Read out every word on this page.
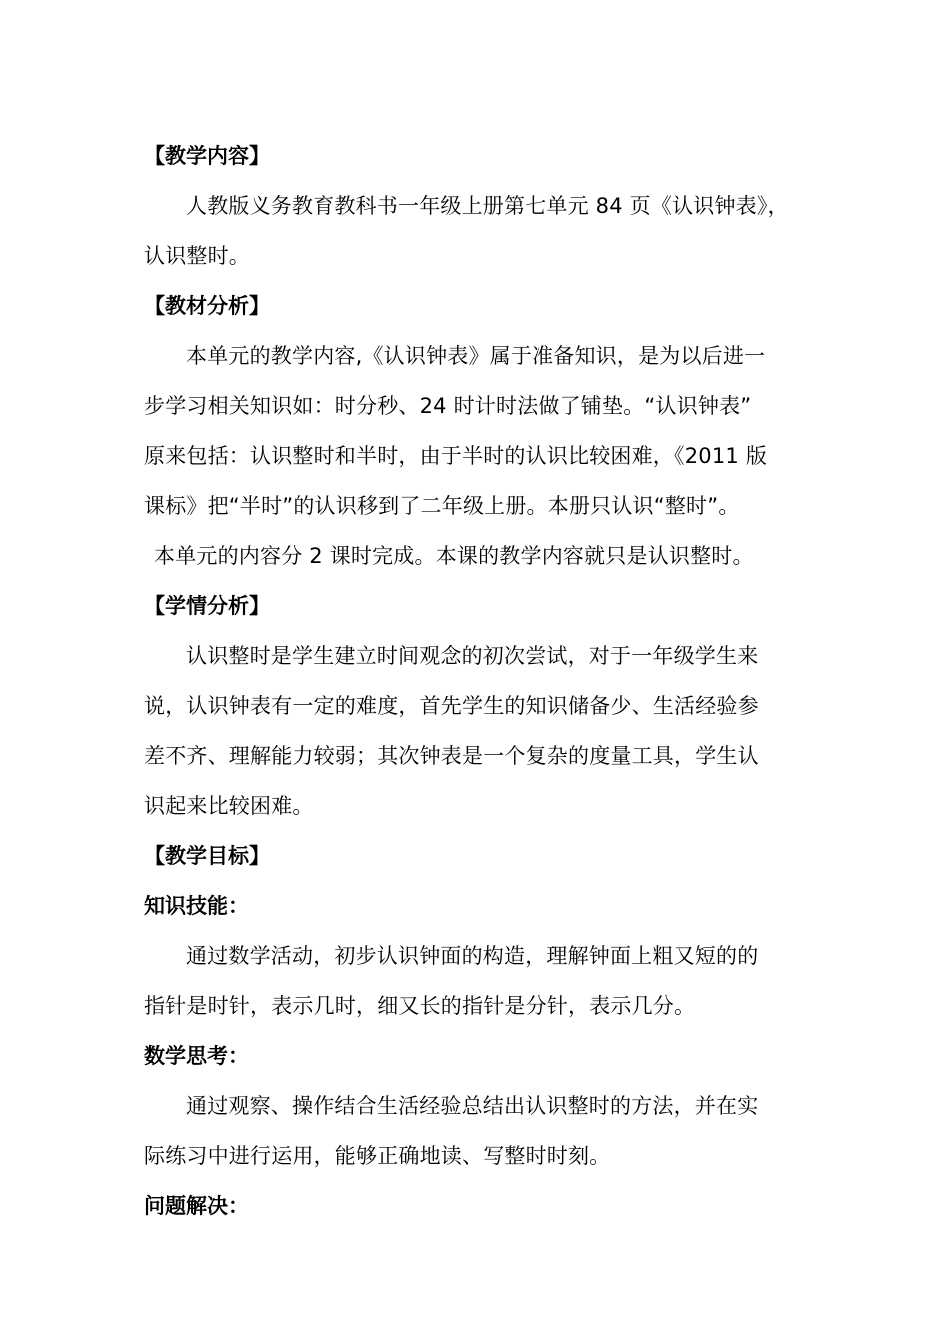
【教学内容】
人教版义务教育教科书一年级上册第七单元 84 页《认识钟表》，
认识整时。
【教材分析】
本单元的教学内容,《认识钟表》属于准备知识，是为以后进一
步学习相关知识如：时分秒、24 时计时法做了铺垫。“认识钟表”
原来包括：认识整时和半时，由于半时的认识比较困难，《2011 版
课标》把“半时”的认识移到了二年级上册。本册只认识“整时”。
本单元的内容分 2 课时完成。本课的教学内容就只是认识整时。
【学情分析】
认识整时是学生建立时间观念的初次尝试，对于一年级学生来
说，认识钟表有一定的难度，首先学生的知识储备少、生活经验参
差不齐、理解能力较弱；其次钟表是一个复杂的度量工具，学生认
识起来比较困难。
【教学目标】
知识技能：
通过数学活动，初步认识钟面的构造，理解钟面上粗又短的的
指针是时针，表示几时，细又长的指针是分针，表示几分。
数学思考：
通过观察、操作结合生活经验总结出认识整时的方法，并在实
际练习中进行运用，能够正确地读、写整时时刻。
问题解决：
